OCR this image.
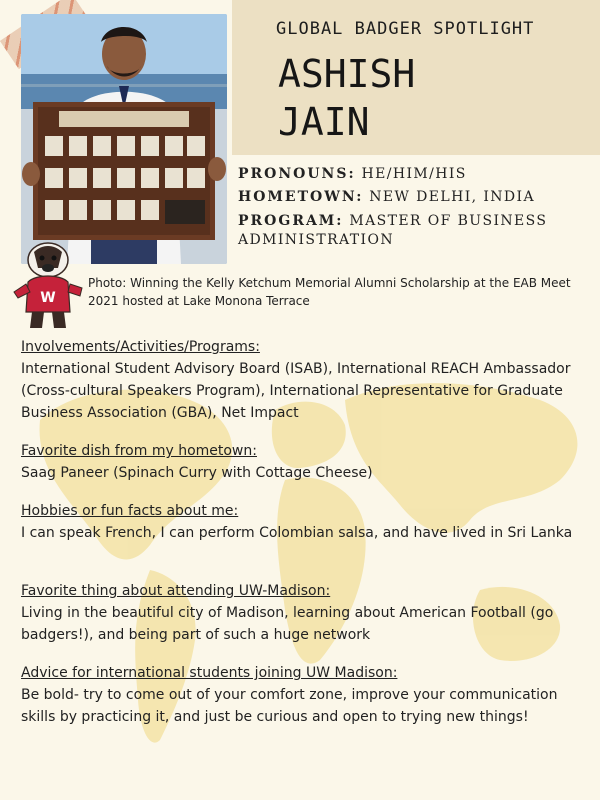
W
GLOBAL BADGER SPOTLIGHT
ASHISH
JAIN
PRONOUNS: HE/HIM/HIS
HOMETOWN: NEW DELHI, INDIA
PROGRAM: MASTER OF BUSINESS ADMINISTRATION
Photo: Winning the Kelly Ketchum Memorial Alumni Scholarship at the EAB Meet 2021 hosted at Lake Monona Terrace
Involvements/Activities/Programs:
International Student Advisory Board (ISAB), International REACH Ambassador (Cross-cultural Speakers Program), International Representative for Graduate Business Association (GBA), Net Impact
Favorite dish from my hometown:
Saag Paneer (Spinach Curry with Cottage Cheese)
Hobbies or fun facts about me:
I can speak French, I can perform Colombian salsa, and have lived in Sri Lanka
Favorite thing about attending UW-Madison:
Living in the beautiful city of Madison, learning about American Football (go badgers!), and being part of such a huge network
Advice for international students joining UW Madison:
Be bold- try to come out of your comfort zone, improve your communication skills by practicing it, and just be curious and open to trying new things!
